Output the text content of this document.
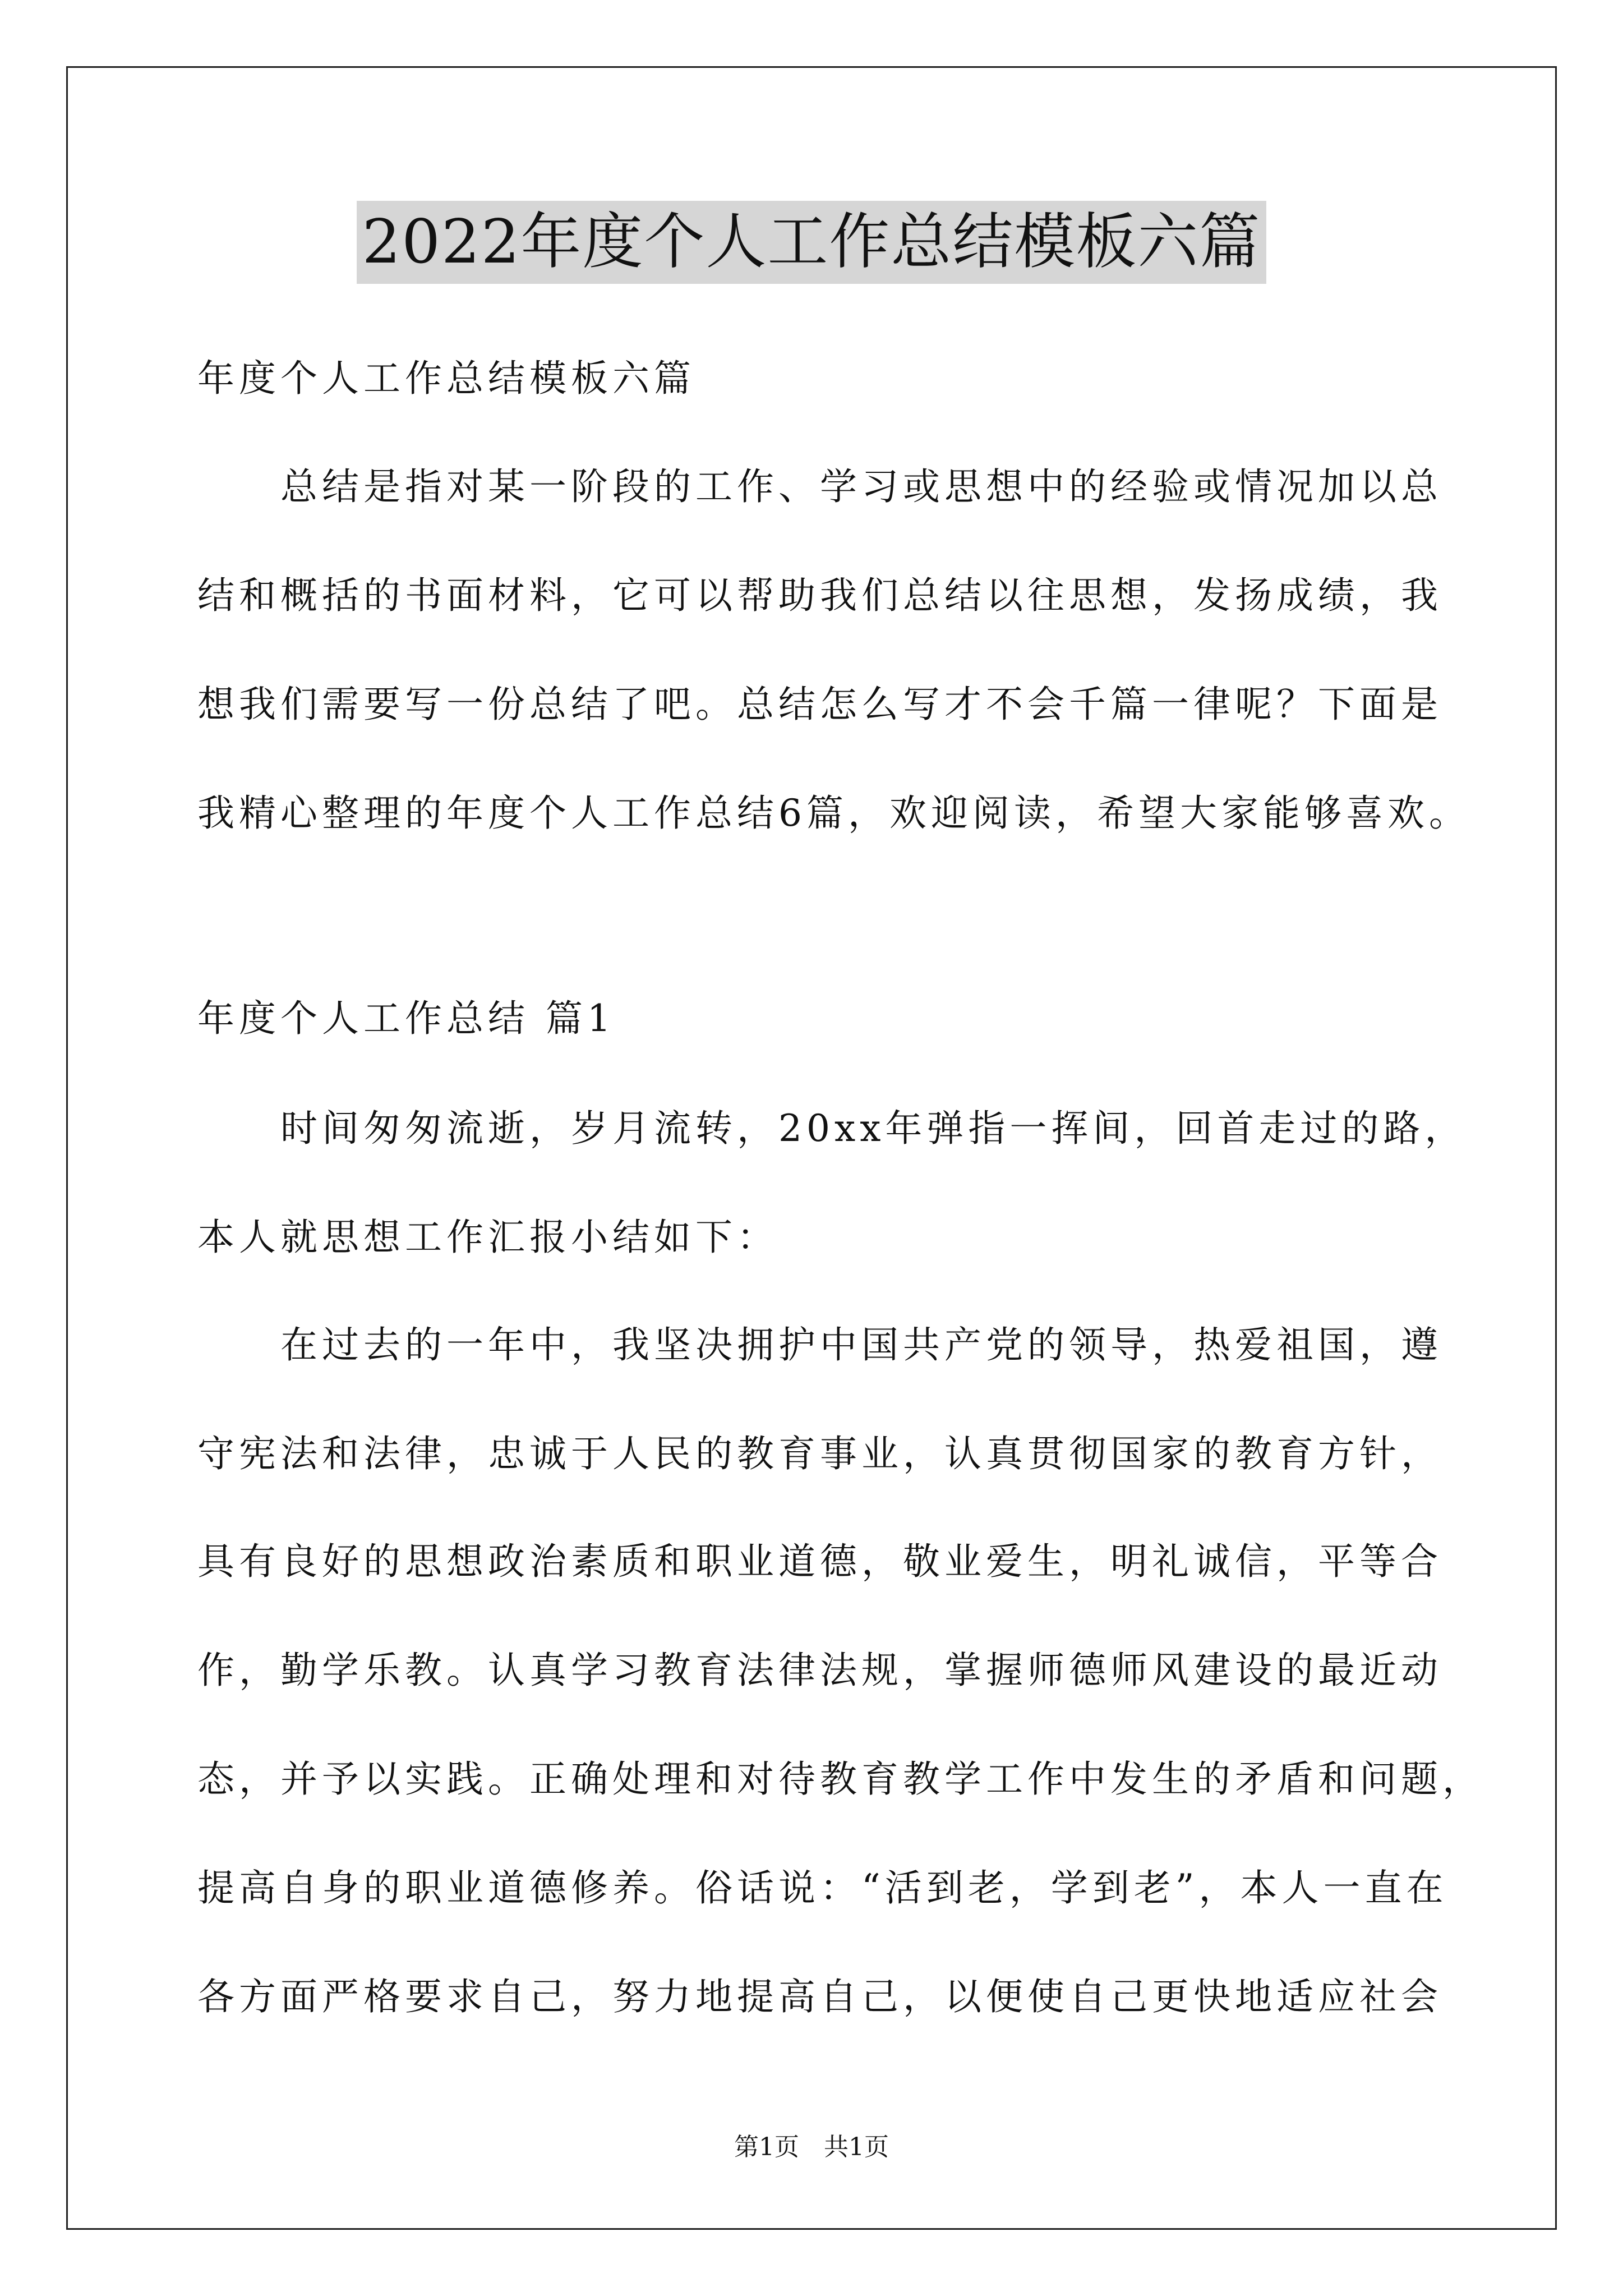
2022年度个人工作总结模板六篇
年度个人工作总结模板六篇
总结是指对某一阶段的工作、学习或思想中的经验或情况加以总
结和概括的书面材料，它可以帮助我们总结以往思想，发扬成绩，我
想我们需要写一份总结了吧。总结怎么写才不会千篇一律呢？下面是
我精心整理的年度个人工作总结6篇，欢迎阅读，希望大家能够喜欢。
年度个人工作总结 篇1
时间匆匆流逝，岁月流转，20xx年弹指一挥间，回首走过的路，
本人就思想工作汇报小结如下：
在过去的一年中，我坚决拥护中国共产党的领导，热爱祖国，遵
守宪法和法律，忠诚于人民的教育事业，认真贯彻国家的教育方针，
具有良好的思想政治素质和职业道德，敬业爱生，明礼诚信，平等合
作，勤学乐教。认真学习教育法律法规，掌握师德师风建设的最近动
态，并予以实践。正确处理和对待教育教学工作中发生的矛盾和问题，
提高自身的职业道德修养。俗话说：“活到老，学到老”，本人一直在
各方面严格要求自己，努力地提高自己，以便使自己更快地适应社会
第1页　共1页
